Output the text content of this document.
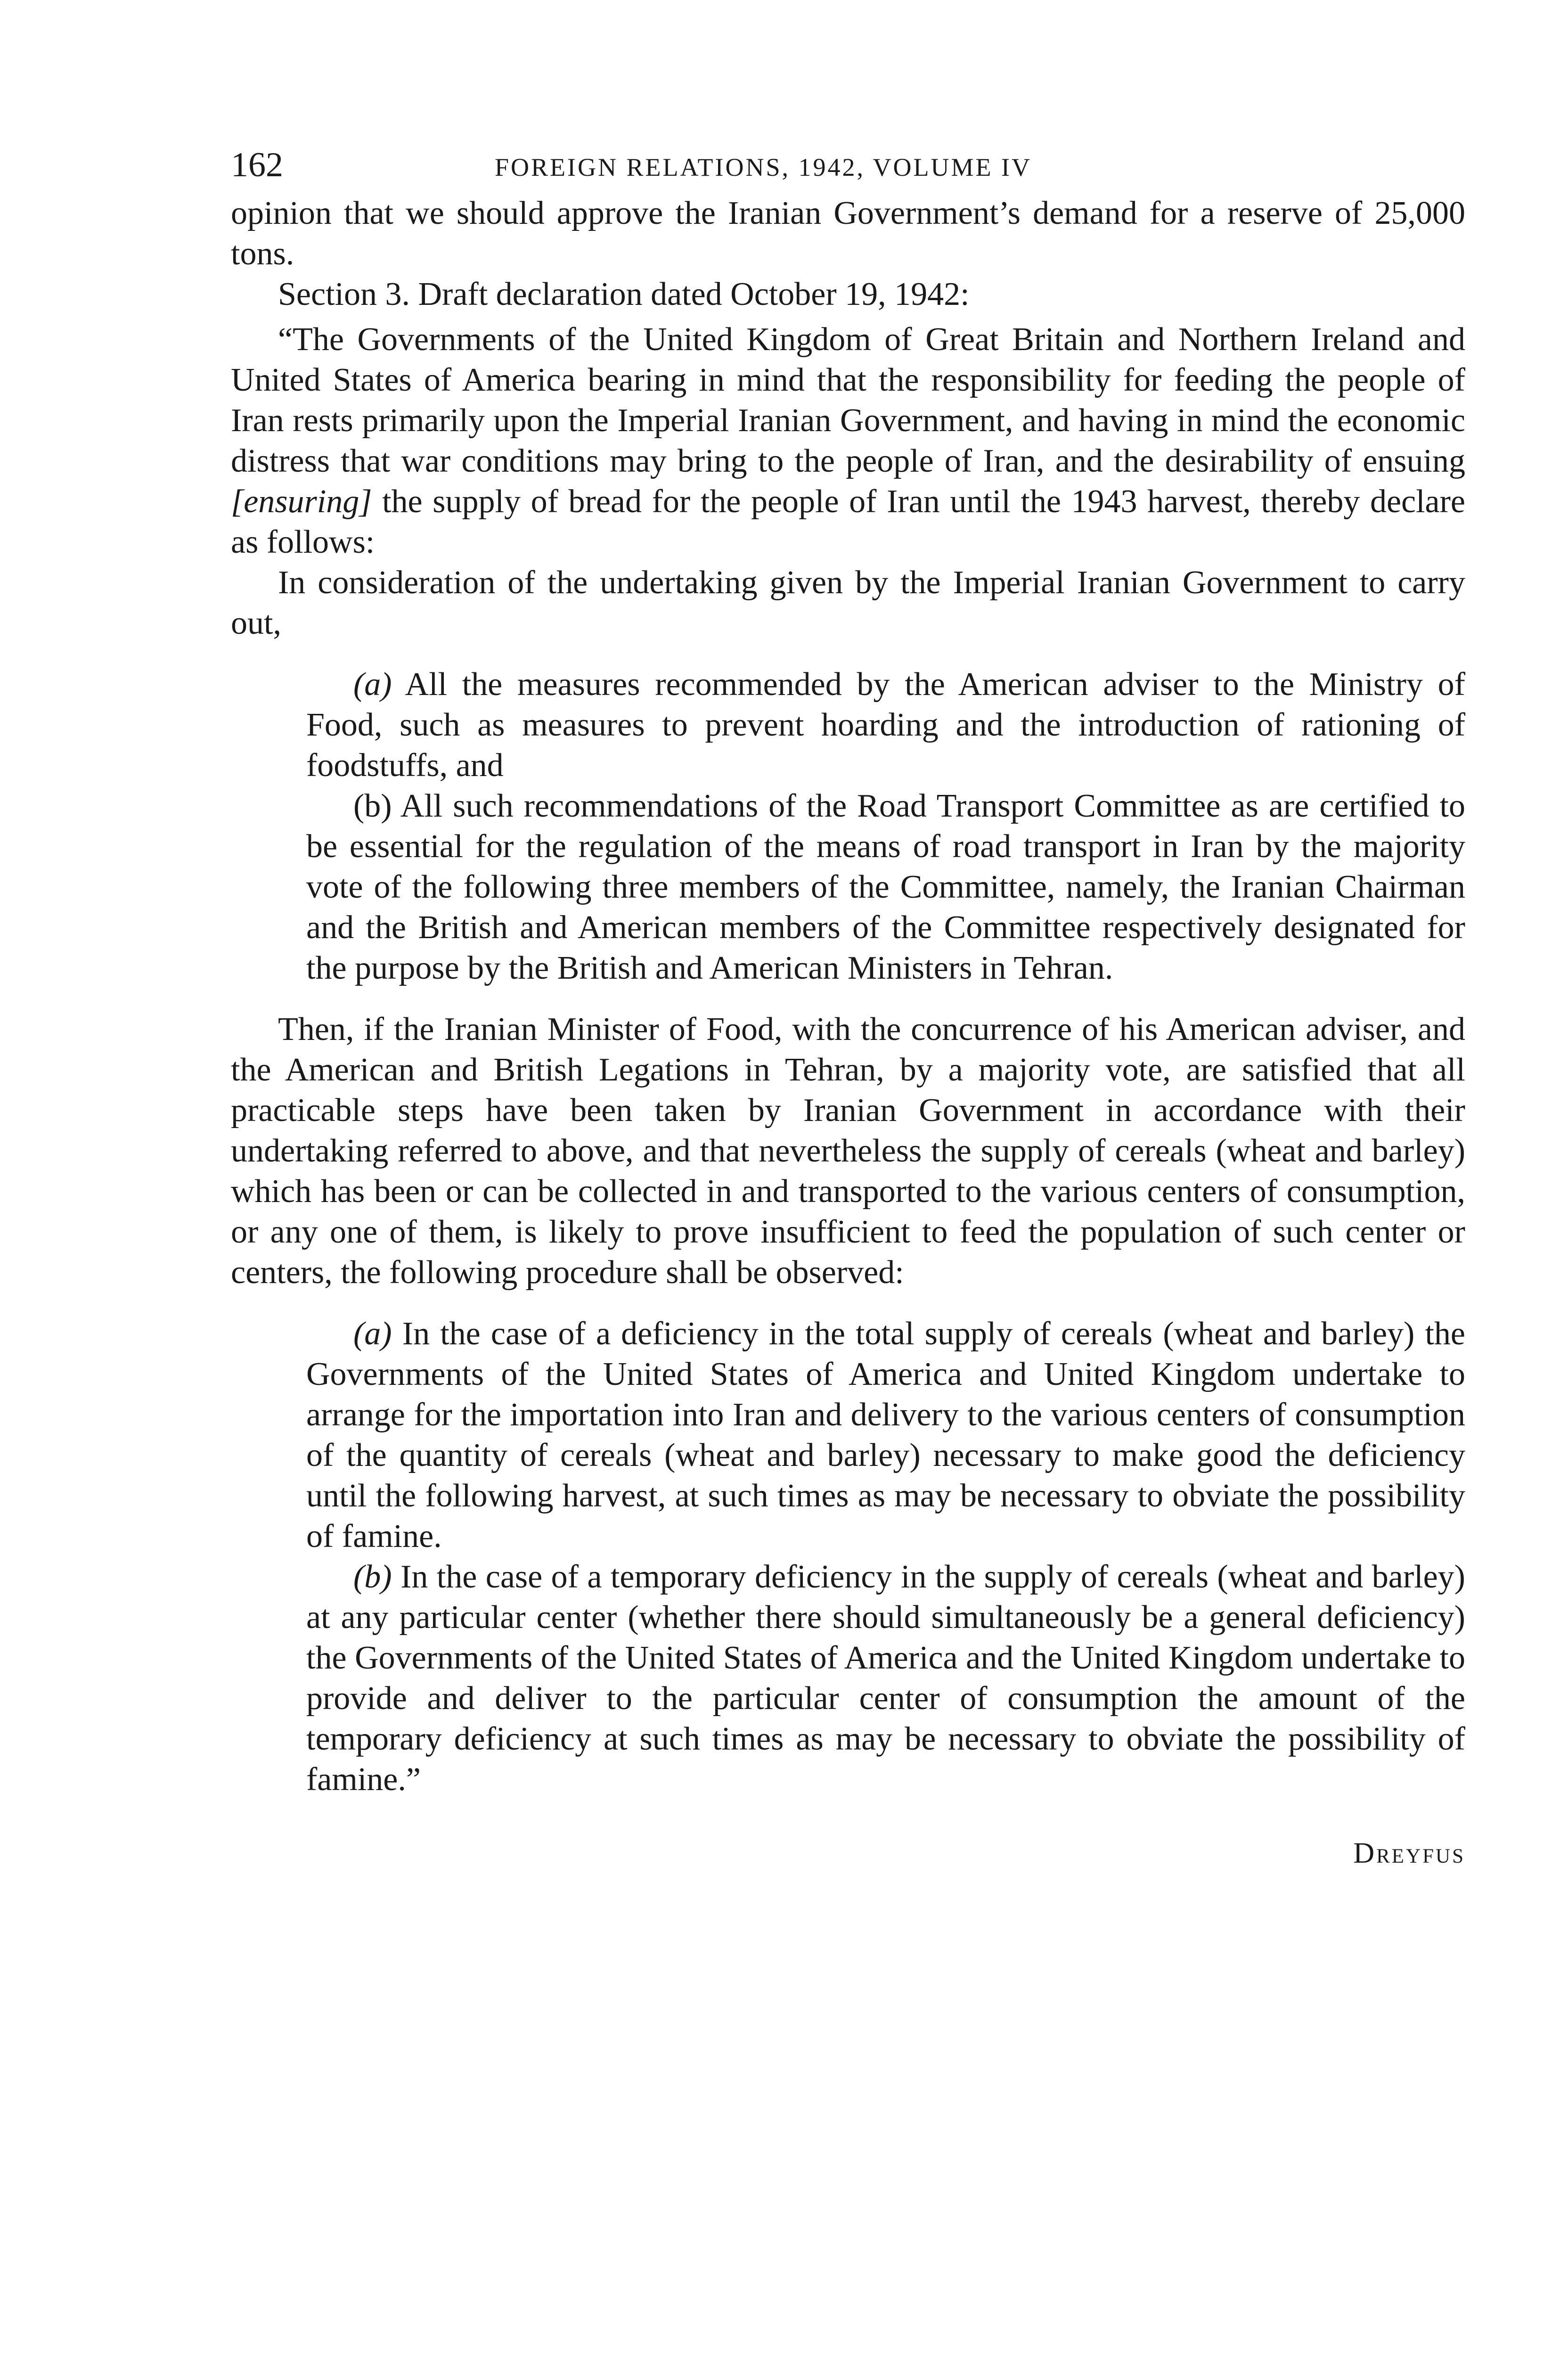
162	FOREIGN RELATIONS, 1942, VOLUME IV

opinion that we should approve the Iranian Government’s demand for a reserve of 25,000 tons.

Section 3. Draft declaration dated October 19, 1942:

“The Governments of the United Kingdom of Great Britain and Northern Ireland and United States of America bearing in mind that the responsibility for feeding the people of Iran rests primarily upon the Imperial Iranian Government, and having in mind the economic distress that war conditions may bring to the people of Iran, and the desirability of ensuing [ensuring] the supply of bread for the people of Iran until the 1943 harvest, thereby declare as follows:

In consideration of the undertaking given by the Imperial Iranian Government to carry out,

(a) All the measures recommended by the American adviser to the Ministry of Food, such as measures to prevent hoarding and the introduction of rationing of foodstuffs, and

(b) All such recommendations of the Road Transport Committee as are certified to be essential for the regulation of the means of road transport in Iran by the majority vote of the following three members of the Committee, namely, the Iranian Chairman and the British and American members of the Committee respectively designated for the purpose by the British and American Ministers in Tehran.

Then, if the Iranian Minister of Food, with the concurrence of his American adviser, and the American and British Legations in Tehran, by a majority vote, are satisfied that all practicable steps have been taken by Iranian Government in accordance with their undertaking referred to above, and that nevertheless the supply of cereals (wheat and barley) which has been or can be collected in and transported to the various centers of consumption, or any one of them, is likely to prove insufficient to feed the population of such center or centers, the following procedure shall be observed:

(a) In the case of a deficiency in the total supply of cereals (wheat and barley) the Governments of the United States of America and United Kingdom undertake to arrange for the importation into Iran and delivery to the various centers of consumption of the quantity of cereals (wheat and barley) necessary to make good the deficiency until the following harvest, at such times as may be necessary to obviate the possibility of famine.

(b) In the case of a temporary deficiency in the supply of cereals (wheat and barley) at any particular center (whether there should simultaneously be a general deficiency) the Governments of the United States of America and the United Kingdom undertake to provide and deliver to the particular center of consumption the amount of the temporary deficiency at such times as may be necessary to obviate the possibility of famine.”

Dreyfus
